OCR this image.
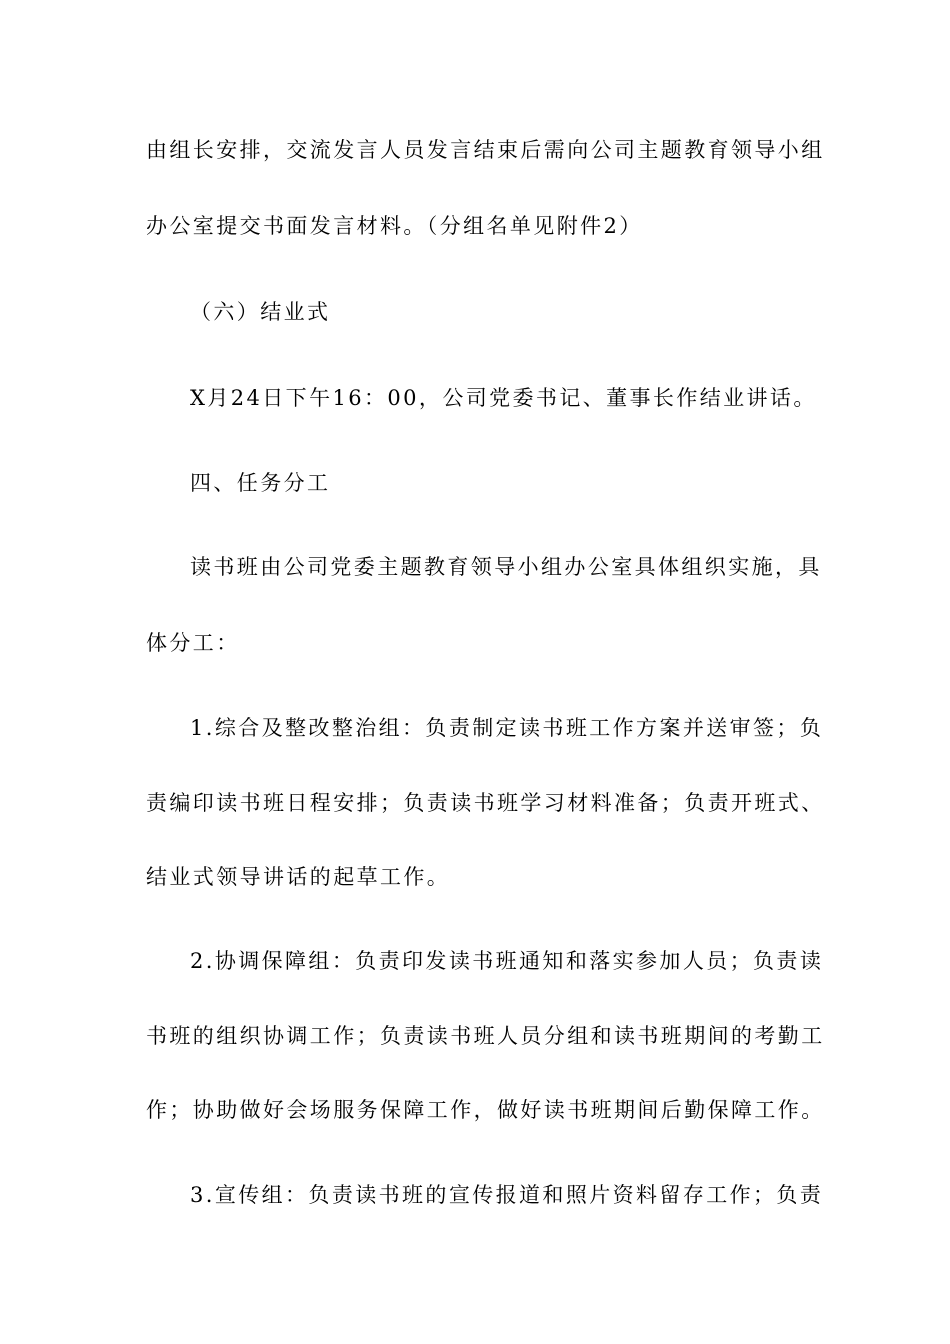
由组长安排，交流发言人员发言结束后需向公司主题教育领导小组
办公室提交书面发言材料。（分组名单见附件2）
（六）结业式
X月24日下午16：00，公司党委书记、董事长作结业讲话。
四、任务分工
读书班由公司党委主题教育领导小组办公室具体组织实施，具
体分工：
1.综合及整改整治组：负责制定读书班工作方案并送审签；负
责编印读书班日程安排；负责读书班学习材料准备；负责开班式、
结业式领导讲话的起草工作。
2.协调保障组：负责印发读书班通知和落实参加人员；负责读
书班的组织协调工作；负责读书班人员分组和读书班期间的考勤工
作；协助做好会场服务保障工作，做好读书班期间后勤保障工作。
3.宣传组：负责读书班的宣传报道和照片资料留存工作；负责
